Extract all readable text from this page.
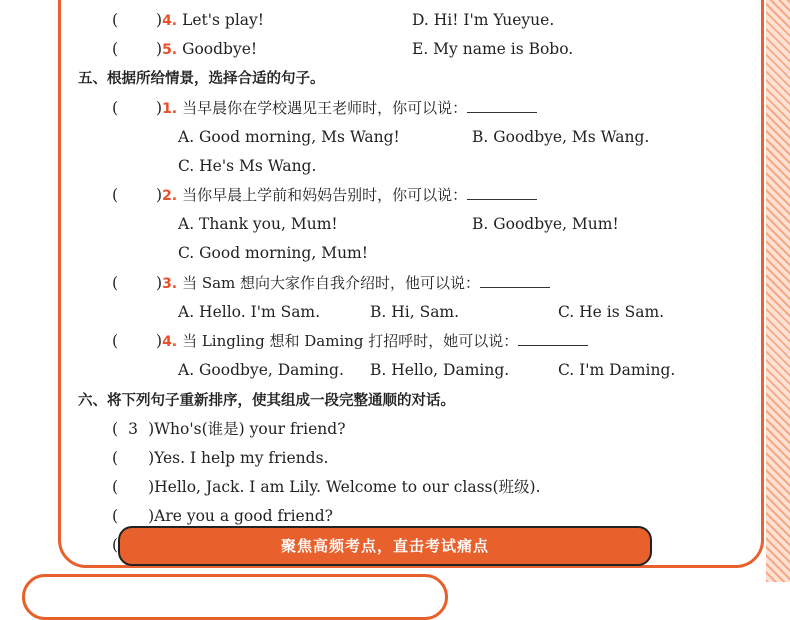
( )4. Let's play!	D. Hi! I'm Yueyue.
( )5. Goodbye!	E. My name is Bobo.
五、根据所给情景，选择合适的句子。
( )1. 当早晨你在学校遇见王老师时，你可以说：
A. Good morning, Ms Wang!	B. Goodbye, Ms Wang.
C. He's Ms Wang.
( )2. 当你早晨上学前和妈妈告别时，你可以说：
A. Thank you, Mum!	B. Goodbye, Mum!
C. Good morning, Mum!
( )3. 当 Sam 想向大家作自我介绍时，他可以说：
A. Hello. I'm Sam.	B. Hi, Sam.	C. He is Sam.
( )4. 当 Lingling 想和 Daming 打招呼时，她可以说：
A. Goodbye, Daming. B. Hello, Daming.	C. I'm Daming.
六、将下列句子重新排序，使其组成一段完整通顺的对话。
( 3 )Who's(谁是) your friend?
( )Yes. I help my friends.
( )Hello, Jack. I am Lily. Welcome to our class(班级).
( )Are you a good friend?
(	聚焦高频考点，直击考试痛点
